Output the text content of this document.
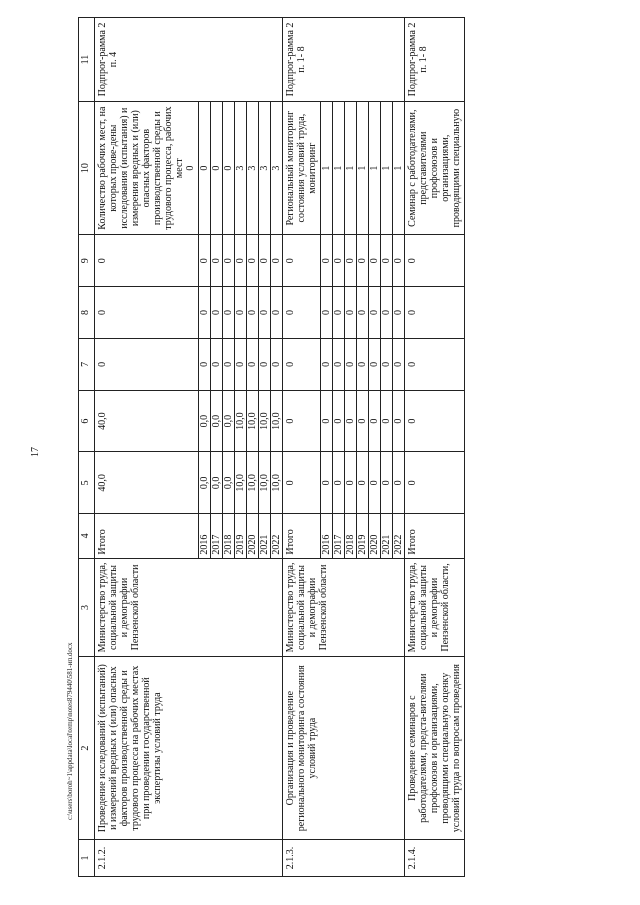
17
1	2	3	4	5	6	7	8	9	10	11
2.1.2.	Проведение исследований (испытаний) и измерений вредных и (или) опасных факторов производственной среды и трудового процесса на рабочих местах при проведении государственной экспертизы условий труда	Министерство труда, социальной защиты и демографии Пензенской области	Итого	40,0	40,0	0	0	0	Количество рабочих мест, на которых прове-дены исследования (испытания) и измерения вредных и (или) опасных факторов производственной среды и трудового процесса, рабочих мест 0	Подпрог-рамма 2 п. 4
			2016	0,0	0,0	0	0	0	0	
			2017	0,0	0,0	0	0	0	0	
			2018	0,0	0,0	0	0	0	0	
			2019	10,0	10,0	0	0	0	3	
			2020	10,0	10,0	0	0	0	3	
			2021	10,0	10,0	0	0	0	3	
			2022	10,0	10,0	0	0	0	3	
2.1.3.	Организация и проведение регионального мониторинга состояния условий труда	Министерство труда, социальной защиты и демографии Пензенской области	Итого	0	0	0	0	0	Региональный мониторинг состояния условий труда, мониторинг	Подпрог-рамма 2 п. 1- 8
			2016	0	0	0	0	0	1	
			2017	0	0	0	0	0	1	
			2018	0	0	0	0	0	1	
			2019	0	0	0	0	0	1	
			2020	0	0	0	0	0	1	
			2021	0	0	0	0	0	1	
			2022	0	0	0	0	0	1	
2.1.4.	Проведение семинаров с работодателями, предста-вителями профсоюзов и организациями, проводящими специальную оценку условий труда по вопросам проведения	Министерство труда, социальной защиты и демографии Пензенской области,	Итого	0	0	0	0	0	Семинар с работодателями, представителями профсоюзов и организациями, проводящими специальную	Подпрог-рамма 2 п. 1- 8
c:\users\boroh~1\appdata\local\temp\notes879440\581-ип.docx
